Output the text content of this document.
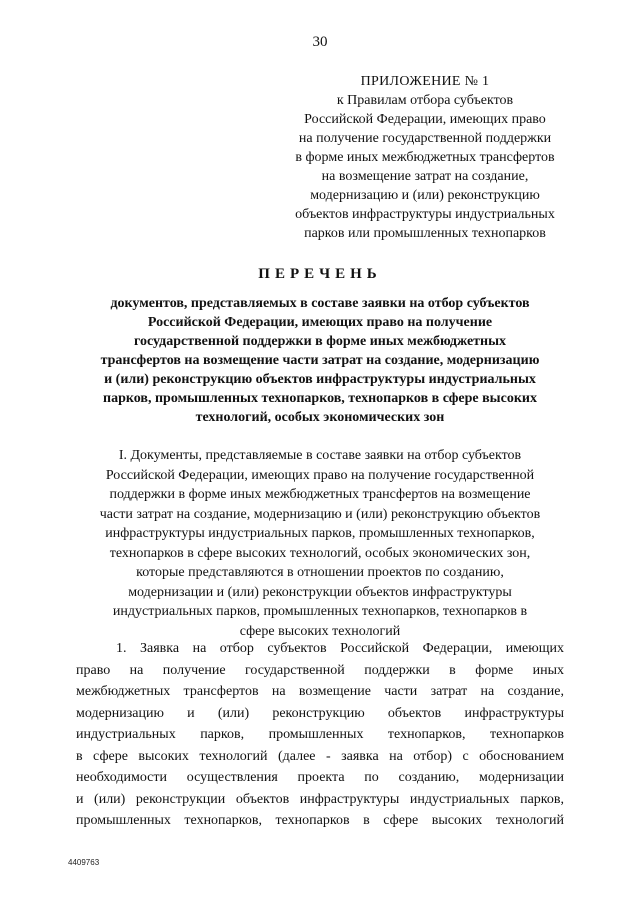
30
ПРИЛОЖЕНИЕ № 1
к Правилам отбора субъектов
Российской Федерации, имеющих право
на получение государственной поддержки
в форме иных межбюджетных трансфертов
на возмещение затрат на создание,
модернизацию и (или) реконструкцию
объектов инфраструктуры индустриальных
парков или промышленных технопарков
ПЕРЕЧЕНЬ
документов, представляемых в составе заявки на отбор субъектов
Российской Федерации, имеющих право на получение
государственной поддержки в форме иных межбюджетных
трансфертов на возмещение части затрат на создание, модернизацию
и (или) реконструкцию объектов инфраструктуры индустриальных
парков, промышленных технопарков, технопарков в сфере высоких
технологий, особых экономических зон
I. Документы, представляемые в составе заявки на отбор субъектов
Российской Федерации, имеющих право на получение государственной
поддержки в форме иных межбюджетных трансфертов на возмещение
части затрат на создание, модернизацию и (или) реконструкцию объектов
инфраструктуры индустриальных парков, промышленных технопарков,
технопарков в сфере высоких технологий, особых экономических зон,
которые представляются в отношении проектов по созданию,
модернизации и (или) реконструкции объектов инфраструктуры
индустриальных парков, промышленных технопарков, технопарков в
сфере высоких технологий
1. Заявка на отбор субъектов Российской Федерации, имеющих
право на получение государственной поддержки в форме иных
межбюджетных трансфертов на возмещение части затрат на создание,
модернизацию и (или) реконструкцию объектов инфраструктуры
индустриальных парков, промышленных технопарков, технопарков
в сфере высоких технологий (далее - заявка на отбор) с обоснованием
необходимости осуществления проекта по созданию, модернизации
и (или) реконструкции объектов инфраструктуры индустриальных парков,
промышленных технопарков, технопарков в сфере высоких технологий
4409763
